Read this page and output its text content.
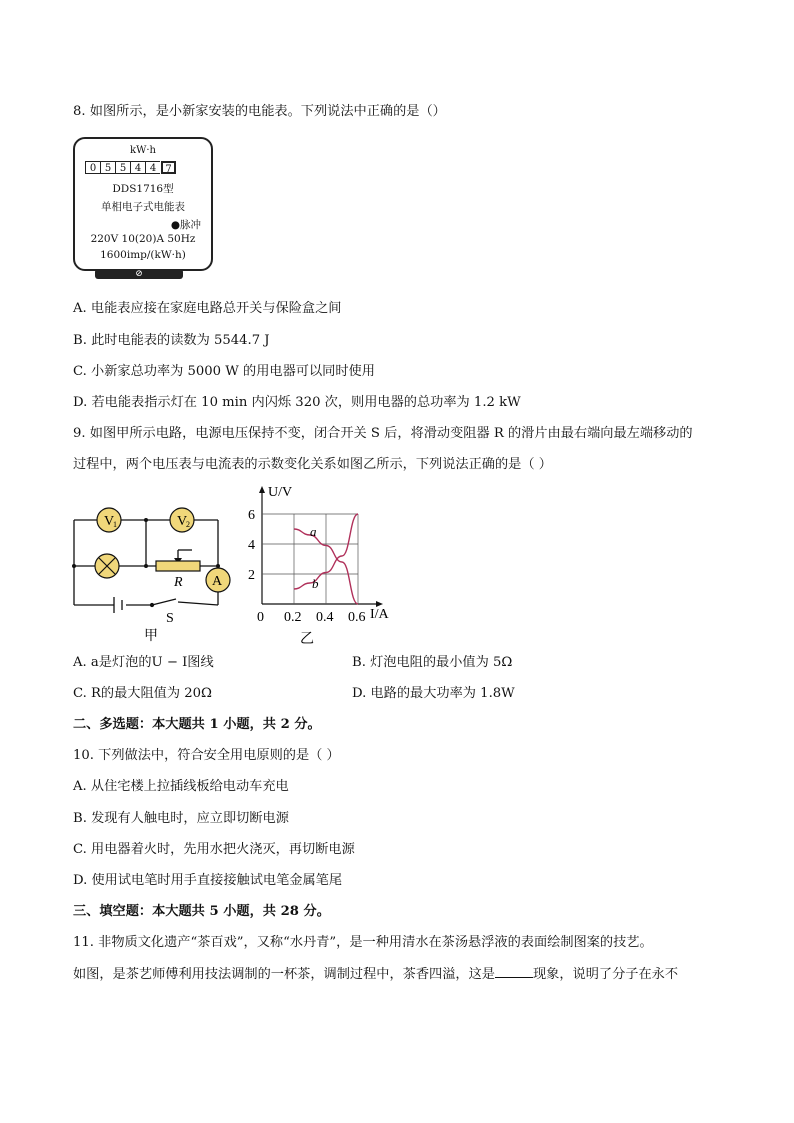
8. 如图所示，是小新家安装的电能表。下列说法中正确的是（）
kW·h
0 5 5 4 4 7
DDS1716型
单相电子式电能表
●脉冲
220V 10(20)A 50Hz
1600imp/(kW·h)
⊘
A. 电能表应接在家庭电路总开关与保险盒之间
B. 此时电能表的读数为 5544.7 J
C. 小新家总功率为 5000 W 的用电器可以同时使用
D. 若电能表指示灯在 10 min 内闪烁 320 次，则用电器的总功率为 1.2 kW
9. 如图甲所示电路，电源电压保持不变，闭合开关 S 后，将滑动变阻器 R 的滑片由最右端向最左端移动的
过程中，两个电压表与电流表的示数变化关系如图乙所示，下列说法正确的是（ ）
V
1	V
2
A
R
S
甲
0 0.2 0.4 0.6
2
4
6
U/V
I/A
a
b
乙
A. a是灯泡的U − I图线	B. 灯泡电阻的最小值为 5Ω
C. R的最大阻值为 20Ω	D. 电路的最大功率为 1.8W
二、多选题：本大题共 1 小题，共 2 分。
10. 下列做法中，符合安全用电原则的是（ ）
A. 从住宅楼上拉插线板给电动车充电
B. 发现有人触电时，应立即切断电源
C. 用电器着火时，先用水把火浇灭，再切断电源
D. 使用试电笔时用手直接接触试电笔金属笔尾
三、填空题：本大题共 5 小题，共 28 分。
11. 非物质文化遗产“茶百戏”，又称“水丹青”，是一种用清水在茶汤悬浮液的表面绘制图案的技艺。
如图，是茶艺师傅利用技法调制的一杯茶，调制过程中，茶香四溢，这是	现象，说明了分子在永不
